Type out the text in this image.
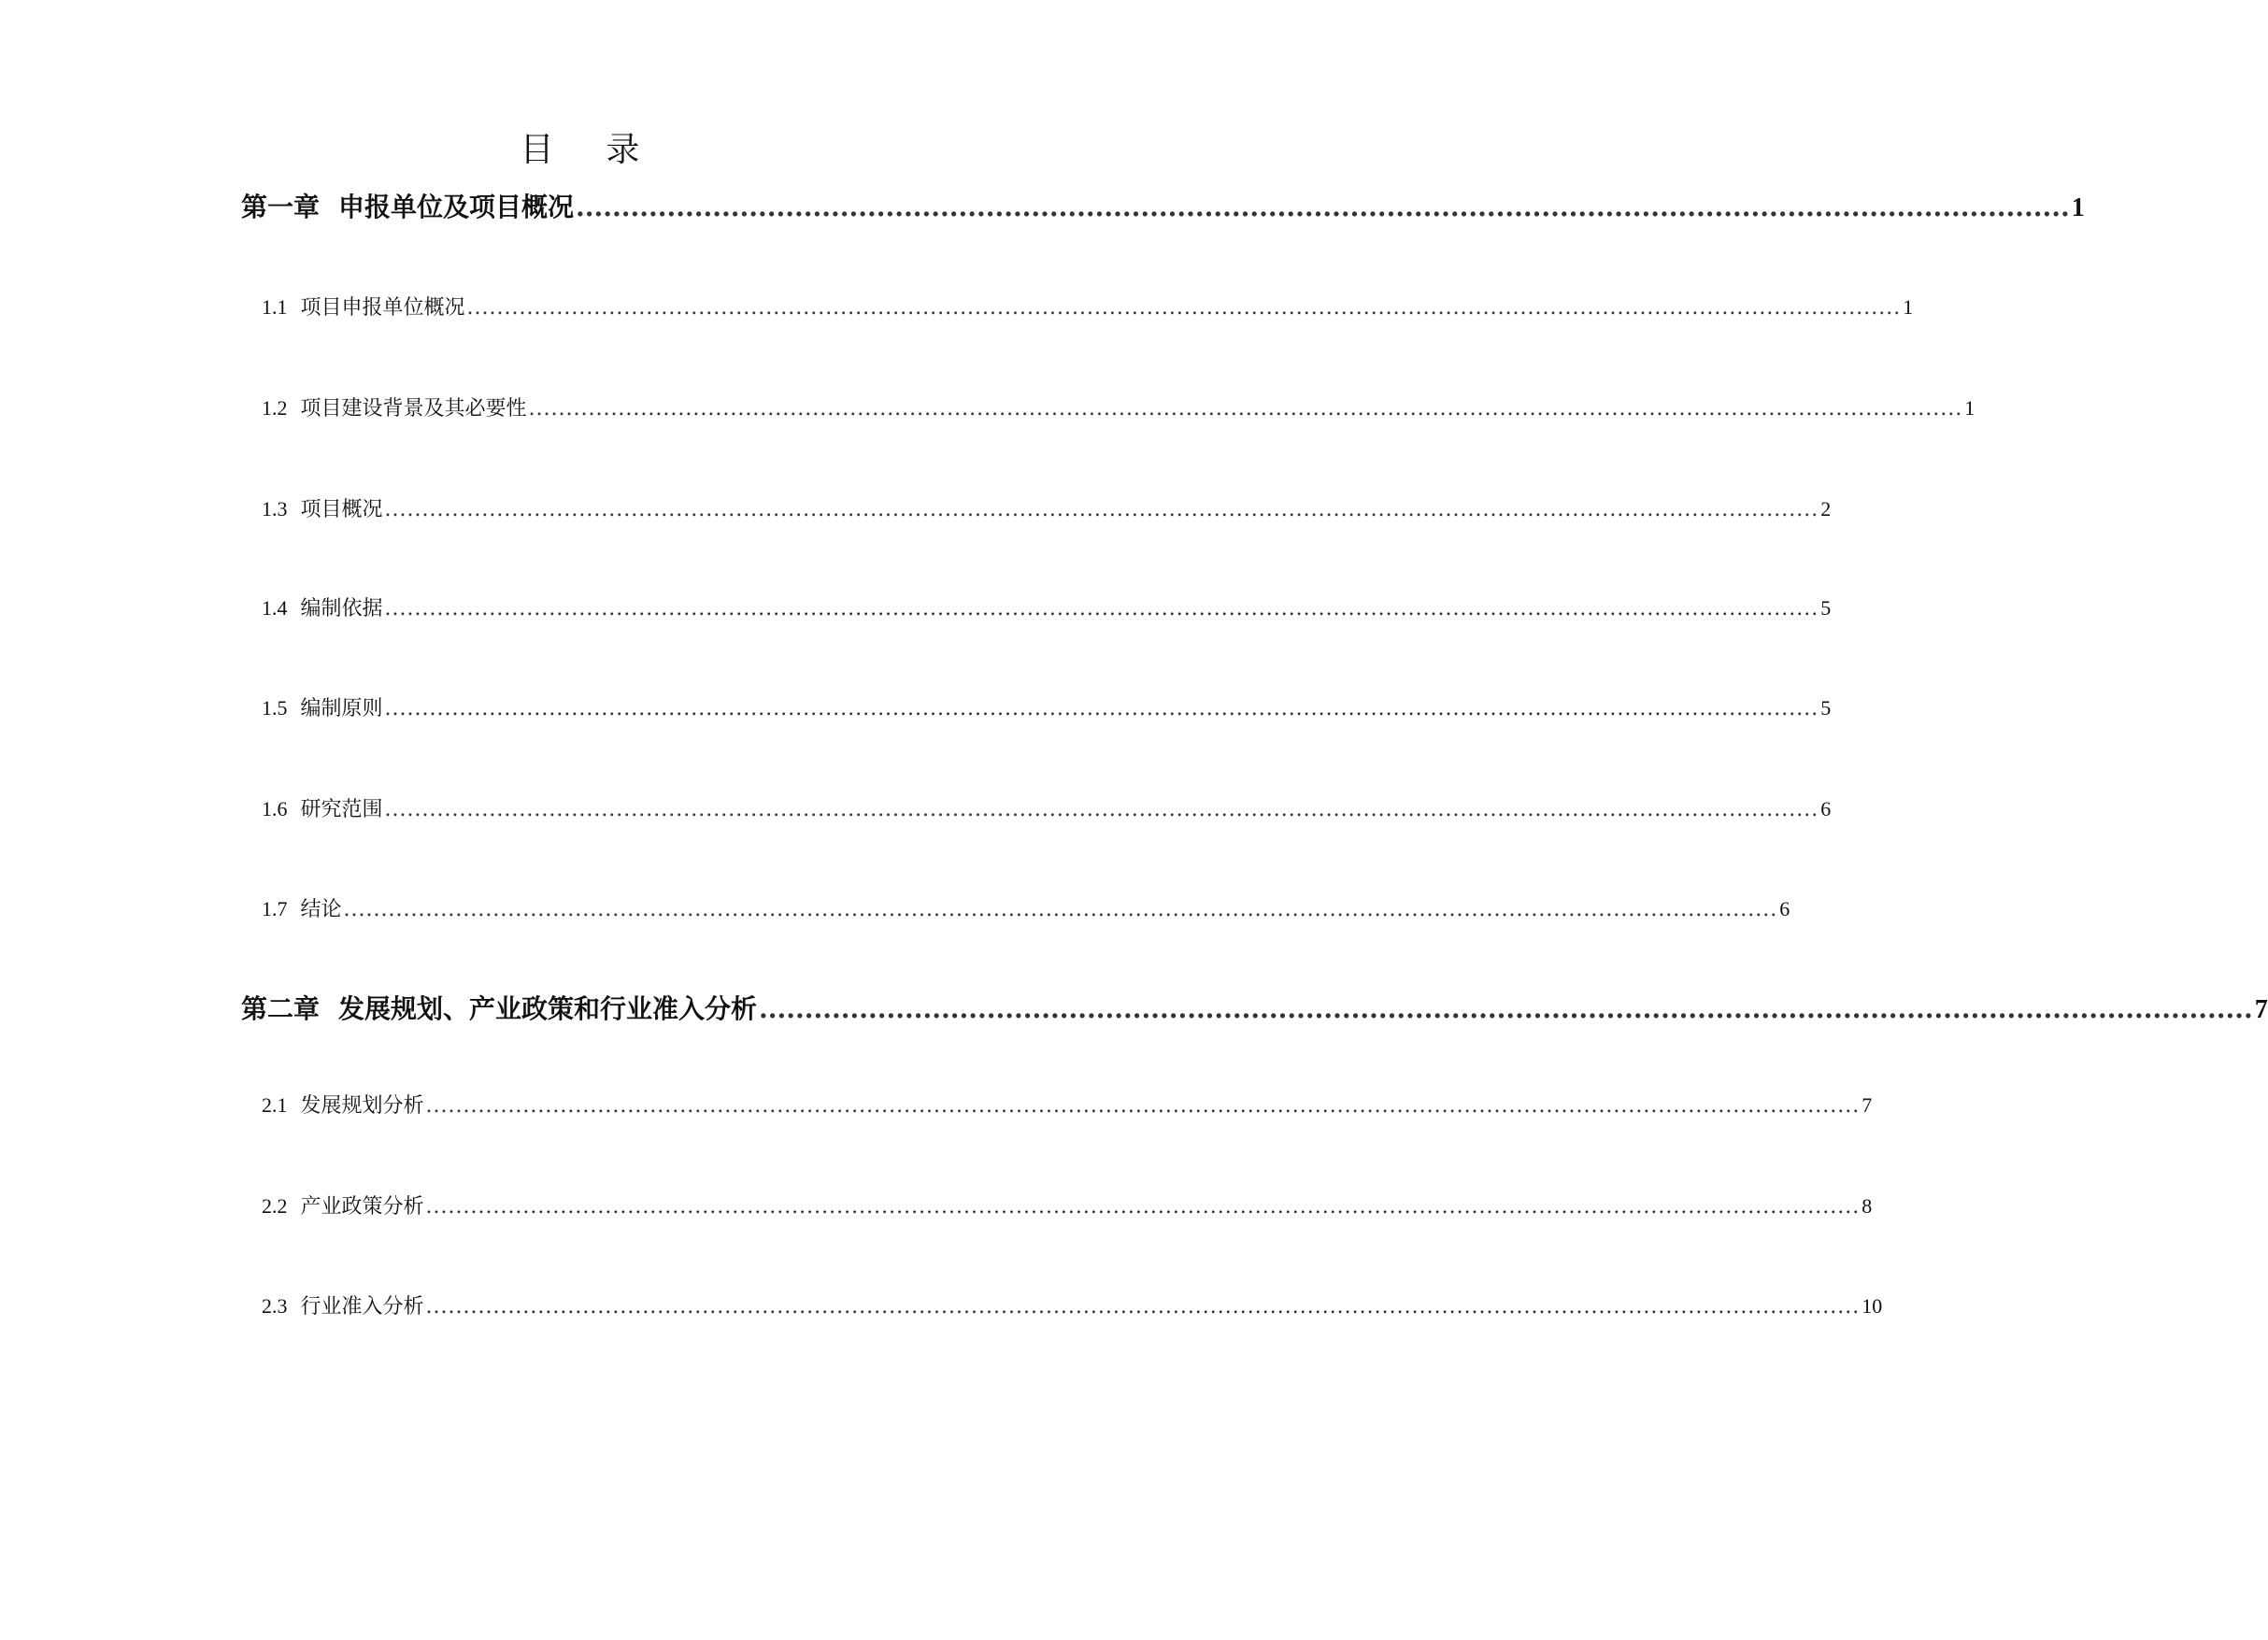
目 录
第一章 申报单位及项目概况 .................................................................................................................................................................... 1
1.1 项目申报单位概况 ................................................................................................................................................................................................ 1
1.2 项目建设背景及其必要性 ................................................................................................................................................................................................ 1
1.3 项目概况 ................................................................................................................................................................................................ 2
1.4 编制依据 ................................................................................................................................................................................................ 5
1.5 编制原则 ................................................................................................................................................................................................ 5
1.6 研究范围 ................................................................................................................................................................................................ 6
1.7 结论 ................................................................................................................................................................................................ 6
第二章 发展规划、产业政策和行业准入分析 .................................................................................................................................................................... 7
2.1 发展规划分析 ................................................................................................................................................................................................ 7
2.2 产业政策分析 ................................................................................................................................................................................................ 8
2.3 行业准入分析 ................................................................................................................................................................................................ 10
